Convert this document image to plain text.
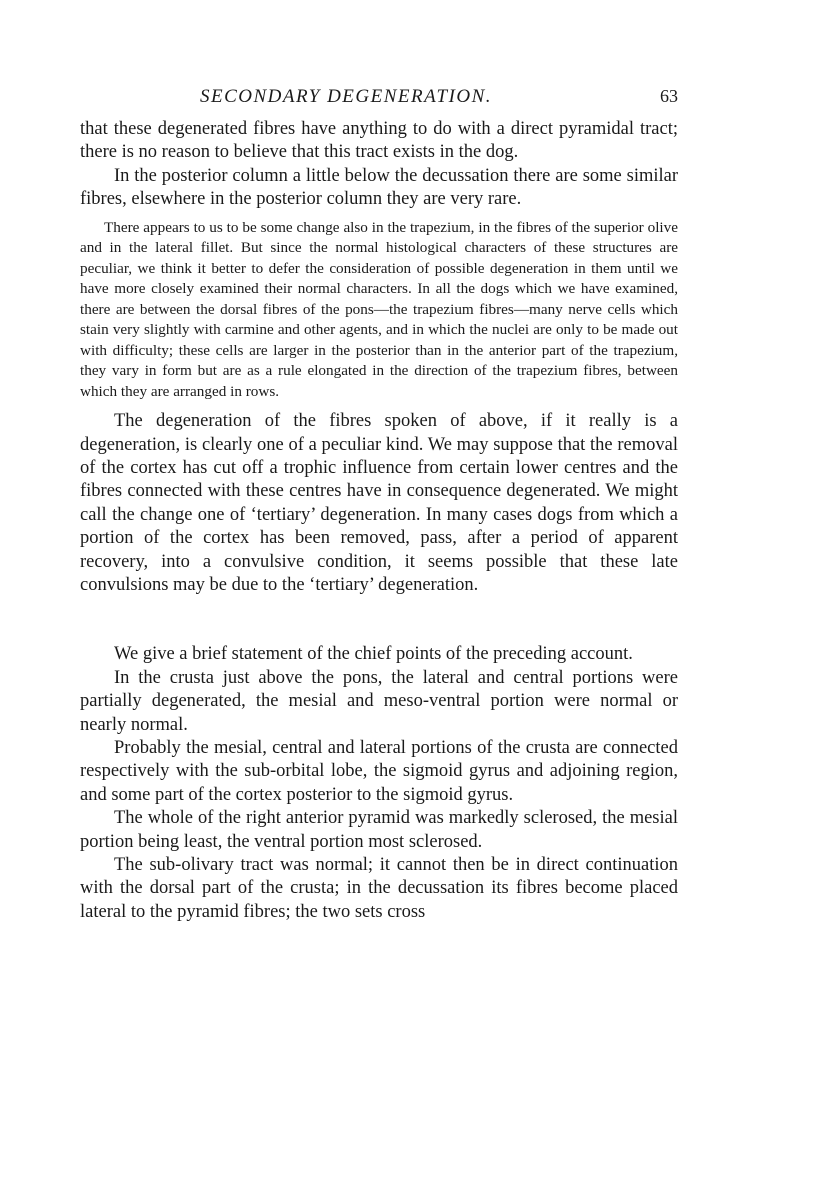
SECONDARY DEGENERATION.	63

that these degenerated fibres have anything to do with a direct pyramidal tract; there is no reason to believe that this tract exists in the dog.

In the posterior column a little below the decussation there are some similar fibres, elsewhere in the posterior column they are very rare.

There appears to us to be some change also in the trapezium, in the fibres of the superior olive and in the lateral fillet. But since the normal histological characters of these structures are peculiar, we think it better to defer the consideration of possible degeneration in them until we have more closely examined their normal characters. In all the dogs which we have examined, there are between the dorsal fibres of the pons—the trapezium fibres—many nerve cells which stain very slightly with carmine and other agents, and in which the nuclei are only to be made out with difficulty; these cells are larger in the posterior than in the anterior part of the trapezium, they vary in form but are as a rule elongated in the direction of the trapezium fibres, between which they are arranged in rows.

The degeneration of the fibres spoken of above, if it really is a degeneration, is clearly one of a peculiar kind. We may suppose that the removal of the cortex has cut off a trophic influence from certain lower centres and the fibres connected with these centres have in consequence degenerated. We might call the change one of ‘tertiary’ degeneration. In many cases dogs from which a portion of the cortex has been removed, pass, after a period of apparent recovery, into a convulsive condition, it seems possible that these late convulsions may be due to the ‘tertiary’ degeneration.

We give a brief statement of the chief points of the preceding account.

In the crusta just above the pons, the lateral and central portions were partially degenerated, the mesial and meso-ventral portion were normal or nearly normal.

Probably the mesial, central and lateral portions of the crusta are connected respectively with the sub-orbital lobe, the sigmoid gyrus and adjoining region, and some part of the cortex posterior to the sigmoid gyrus.

The whole of the right anterior pyramid was markedly sclerosed, the mesial portion being least, the ventral portion most sclerosed.

The sub-olivary tract was normal; it cannot then be in direct continuation with the dorsal part of the crusta; in the decussation its fibres become placed lateral to the pyramid fibres; the two sets cross
